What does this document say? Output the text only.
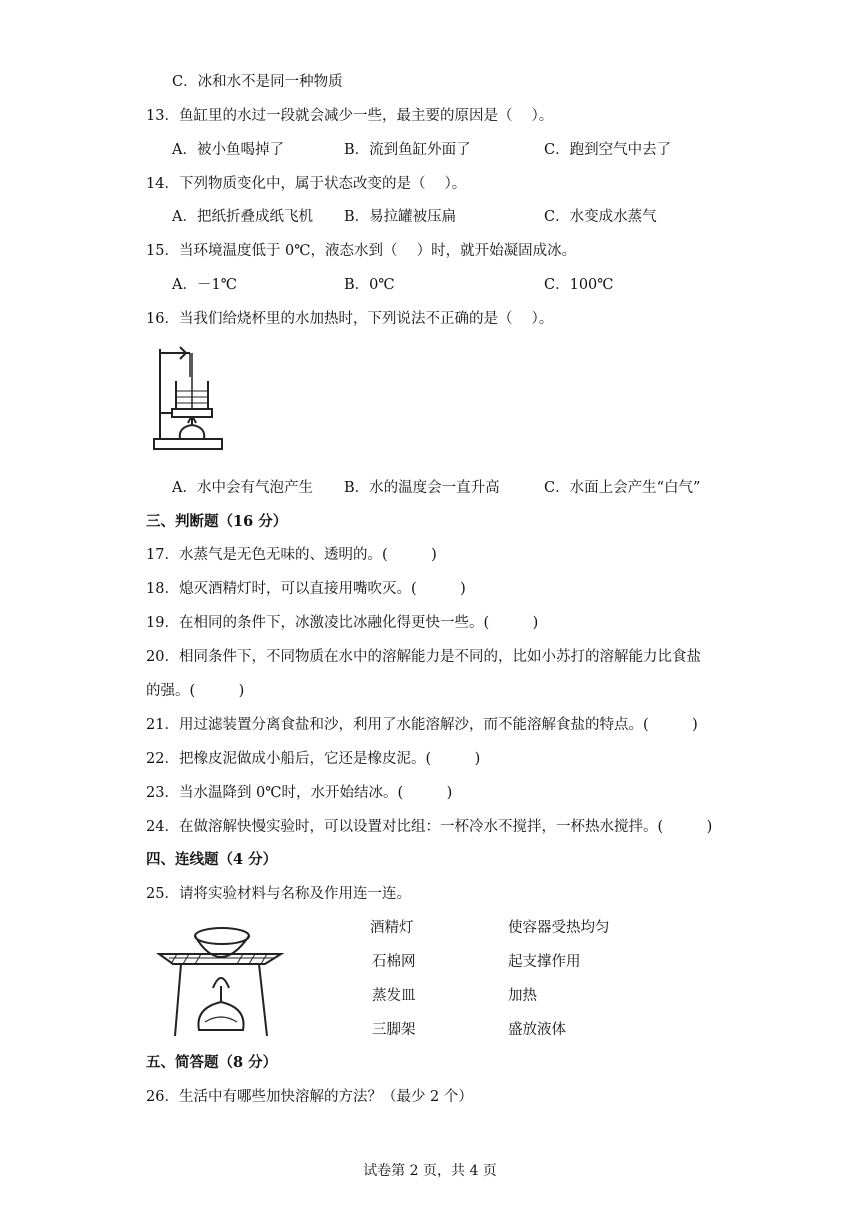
C．冰和水不是同一种物质
13．鱼缸里的水过一段就会减少一些，最主要的原因是（　 ）。
A．被小鱼喝掉了	B．流到鱼缸外面了	C．跑到空气中去了
14．下列物质变化中，属于状态改变的是（　 ）。
A．把纸折叠成纸飞机 B．易拉罐被压扁	C．水变成水蒸气
15．当环境温度低于 0℃，液态水到（　 ）时，就开始凝固成冰。
A．－1℃	B．0℃	C．100℃
16．当我们给烧杯里的水加热时，下列说法不正确的是（　 ）。
A．水中会有气泡产生 B．水的温度会一直升高	C．水面上会产生“白气”
三、判断题（16 分）
17．水蒸气是无色无味的、透明的。(　　　)
18．熄灭酒精灯时，可以直接用嘴吹灭。(　　　)
19．在相同的条件下，冰激凌比冰融化得更快一些。(　　　)
20．相同条件下，不同物质在水中的溶解能力是不同的，比如小苏打的溶解能力比食盐
的强。(　　　)
21．用过滤装置分离食盐和沙，利用了水能溶解沙，而不能溶解食盐的特点。(　　　)
22．把橡皮泥做成小船后，它还是橡皮泥。(　　　)
23．当水温降到 0℃时，水开始结冰。(　　　)
24．在做溶解快慢实验时，可以设置对比组：一杯冷水不搅拌，一杯热水搅拌。(　　　)
四、连线题（4 分）
25．请将实验材料与名称及作用连一连。
酒精灯
石棉网
蒸发皿
三脚架
使容器受热均匀
起支撑作用
加热
盛放液体
五、简答题（8 分）
26．生活中有哪些加快溶解的方法？（最少 2 个）
试卷第 2 页，共 4 页
